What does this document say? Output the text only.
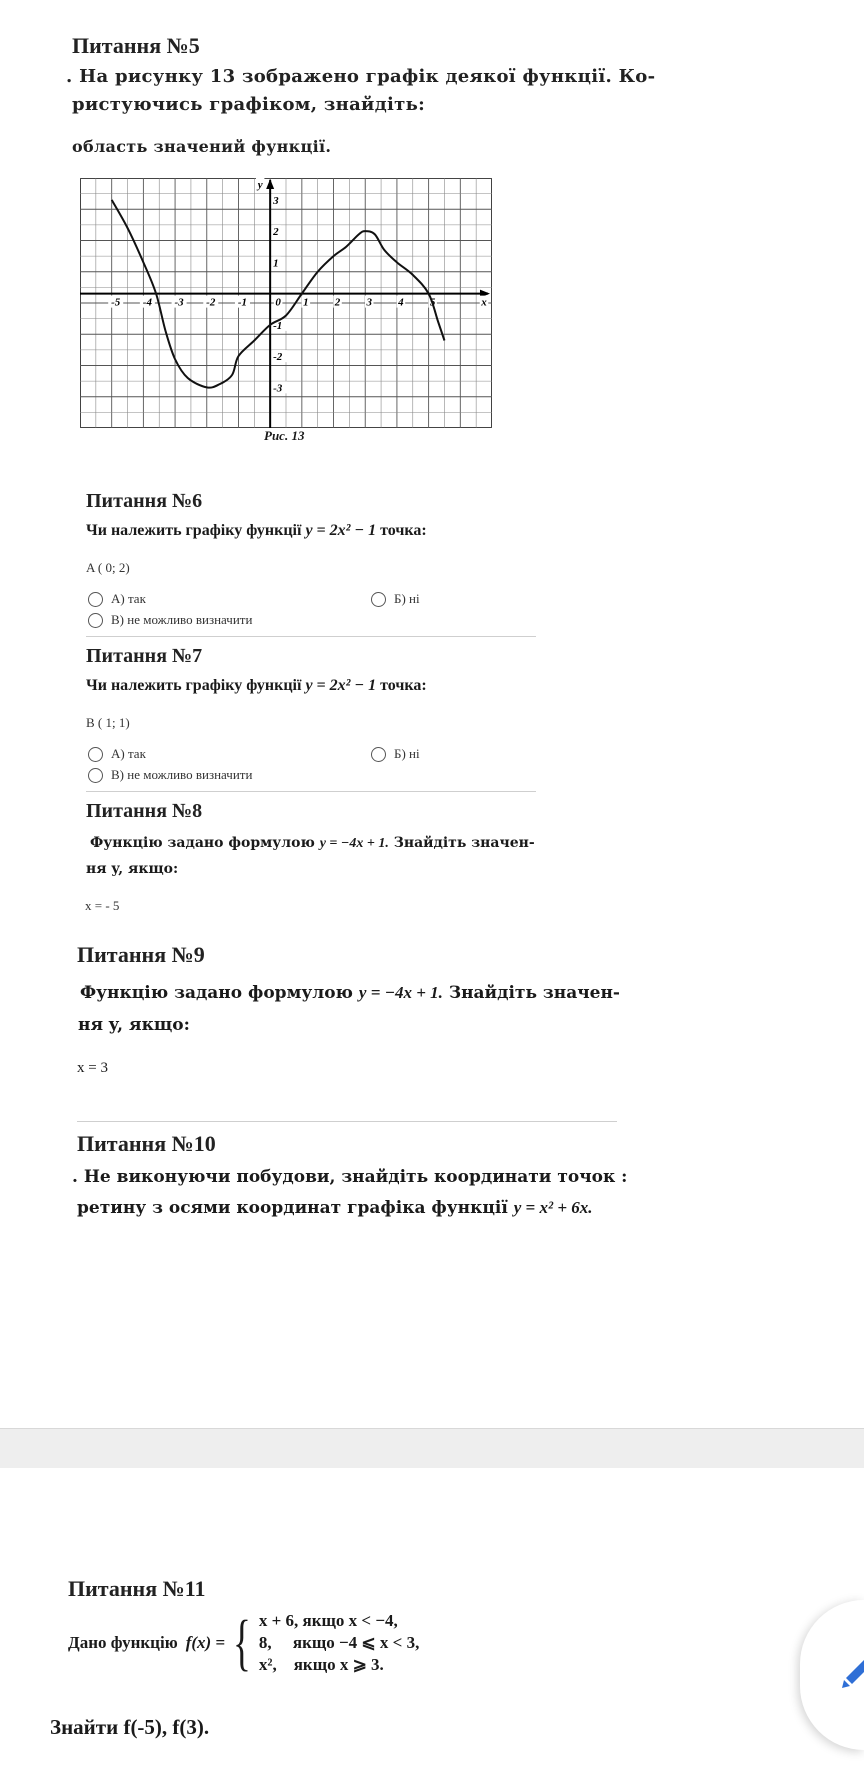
Питання №5
. На рисунку 13 зображено графік деякої функції. Ко-
ристуючись графіком, знайдіть:
область значений функції.
-5 -4 -3 -2 -1	0 1 2 3 4 5
3
2
1
-1
-2
-3
x
y
Рис. 13
Питання №6
Чи належить графіку функції y = 2x² − 1 точка:
A ( 0; 2)
А) так	Б) ні
В) не можливо визначити
Питання №7
Чи належить графіку функції y = 2x² − 1 точка:
B ( 1; 1)
А) так	Б) ні
В) не можливо визначити
Питання №8
Функцію задано формулою y = −4x + 1. Знайдіть значен-
ня y, якщо:
x = - 5
Питання №9
Функцію задано формулою y = −4x + 1. Знайдіть значен-
ня y, якщо:
x = 3
Питання №10
. Не виконуючи побудови, знайдіть координати точок :
ретину з осями координат графіка функції y = x² + 6x.
Питання №11
Дано функцію f(x) = { x + 6, якщо x < −4,
8,     якщо −4 ⩽ x < 3,
x²,    якщо x ⩾ 3.
Знайти f(-5), f(3).
